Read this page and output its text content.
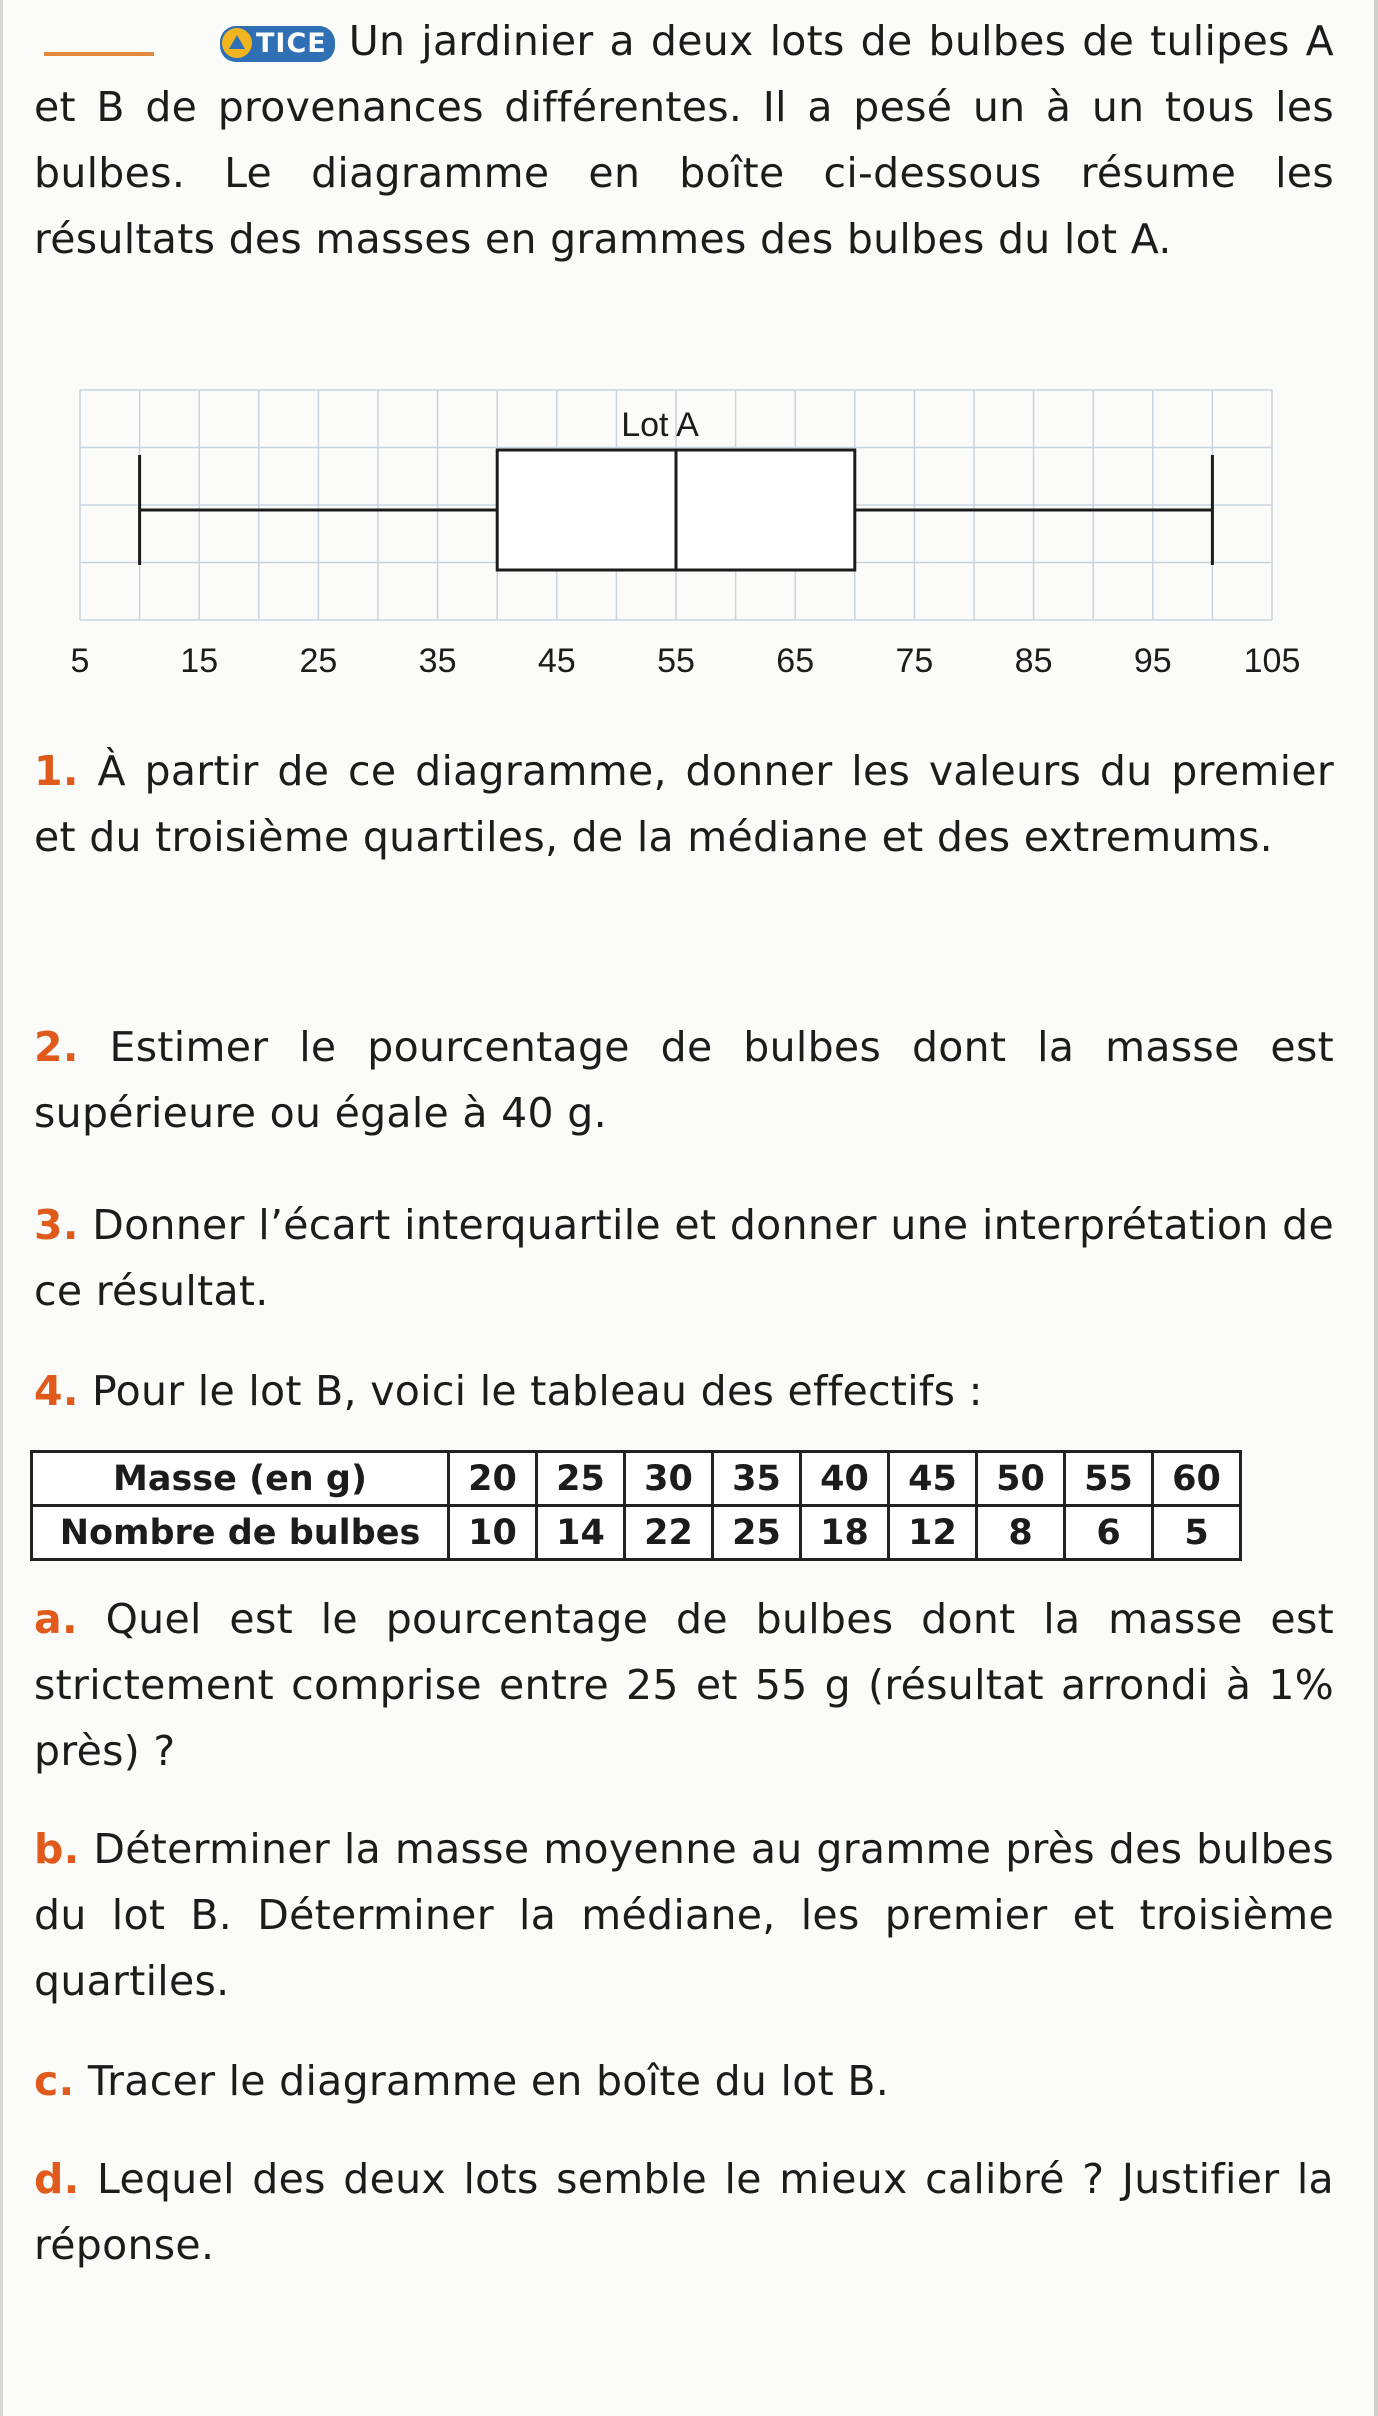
TICE Un jardinier a deux lots de bulbes de tulipes A et B de provenances différentes. Il a pesé un à un tous les bulbes. Le diagramme en boîte ci-dessous résume les résultats des masses en grammes des bulbes du lot A.

Lot A
5	15 25 35 45 55 65 75 85 95 105

1. À partir de ce diagramme, donner les valeurs du premier et du troisième quartiles, de la médiane et des extremums.

2. Estimer le pourcentage de bulbes dont la masse est supérieure ou égale à 40 g.

3. Donner l’écart interquartile et donner une interprétation de ce résultat.

4. Pour le lot B, voici le tableau des effectifs :

Masse (en g)	20	25	30	35	40	45	50	55	60
Nombre de bulbes	10	14	22	25	18	12	8	6	5

a. Quel est le pourcentage de bulbes dont la masse est strictement comprise entre 25 et 55 g (résultat arrondi à 1% près) ?

b. Déterminer la masse moyenne au gramme près des bulbes du lot B. Déterminer la médiane, les premier et troisième quartiles.

c. Tracer le diagramme en boîte du lot B.

d. Lequel des deux lots semble le mieux calibré ? Justifier la réponse.
